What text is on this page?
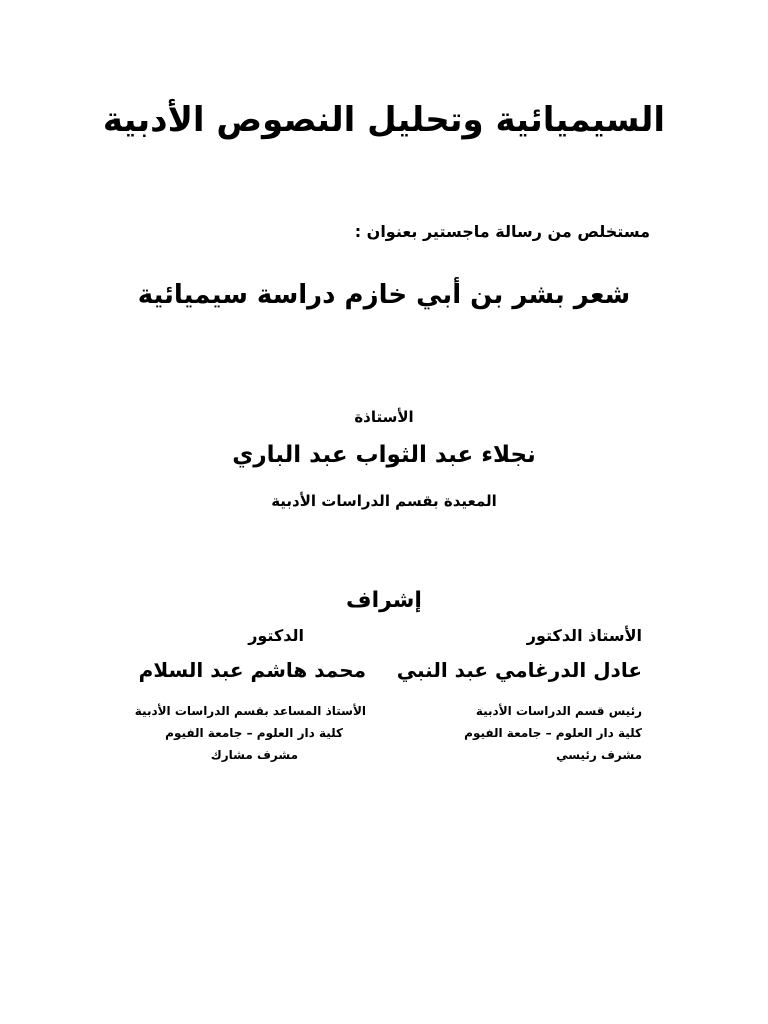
السيميائية وتحليل النصوص الأدبية
مستخلص من رسالة ماجستير بعنوان :
شعر بشر بن أبي خازم دراسة سيميائية
الأستاذة
نجلاء عبد الثواب عبد الباري
المعيدة بقسم الدراسات الأدبية
إشراف
الأستاذ الدكتور
عادل الدرغامي عبد النبي
رئيس قسم الدراسات الأدبية
كلية دار العلوم – جامعة الفيوم
مشرف رئيسي
الدكتور
محمد هاشم عبد السلام
الأستاذ المساعد بقسم الدراسات الأدبية
كلية دار العلوم – جامعة الفيوم
مشرف مشارك
